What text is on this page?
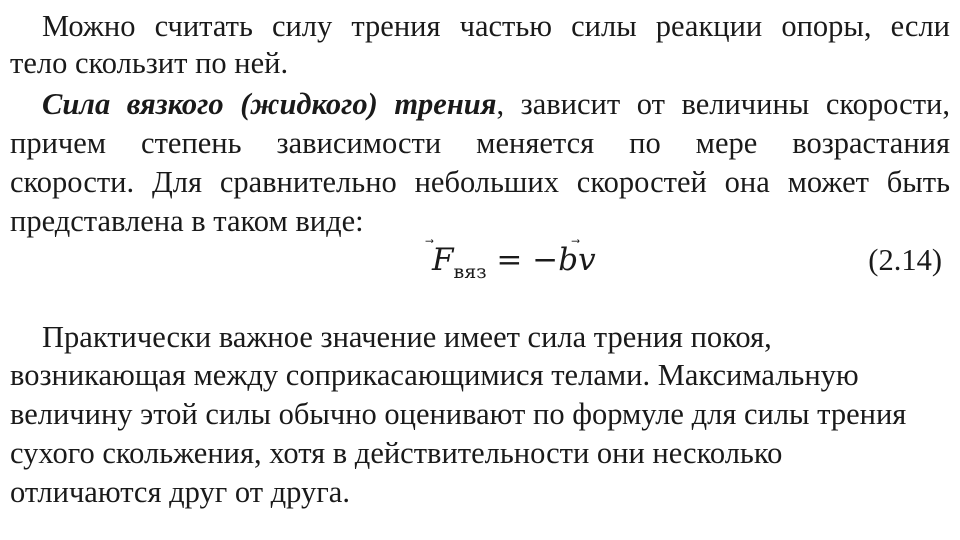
Можно считать силу трения частью силы реакции опоры, если
тело скользит по ней.
Сила вязкого (жидкого) трения, зависит от величины скорости,
причем степень зависимости меняется по мере возрастания
скорости. Для сравнительно небольших скоростей она может быть
представлена в таком виде:
$F_{вяз} = -b$
v	(2.14)
Практически важное значение имеет сила трения покоя,
возникающая между соприкасающимися телами. Максимальную
величину этой силы обычно оценивают по формуле для силы трения
сухого скольжения, хотя в действительности они несколько
отличаются друг от друга.
